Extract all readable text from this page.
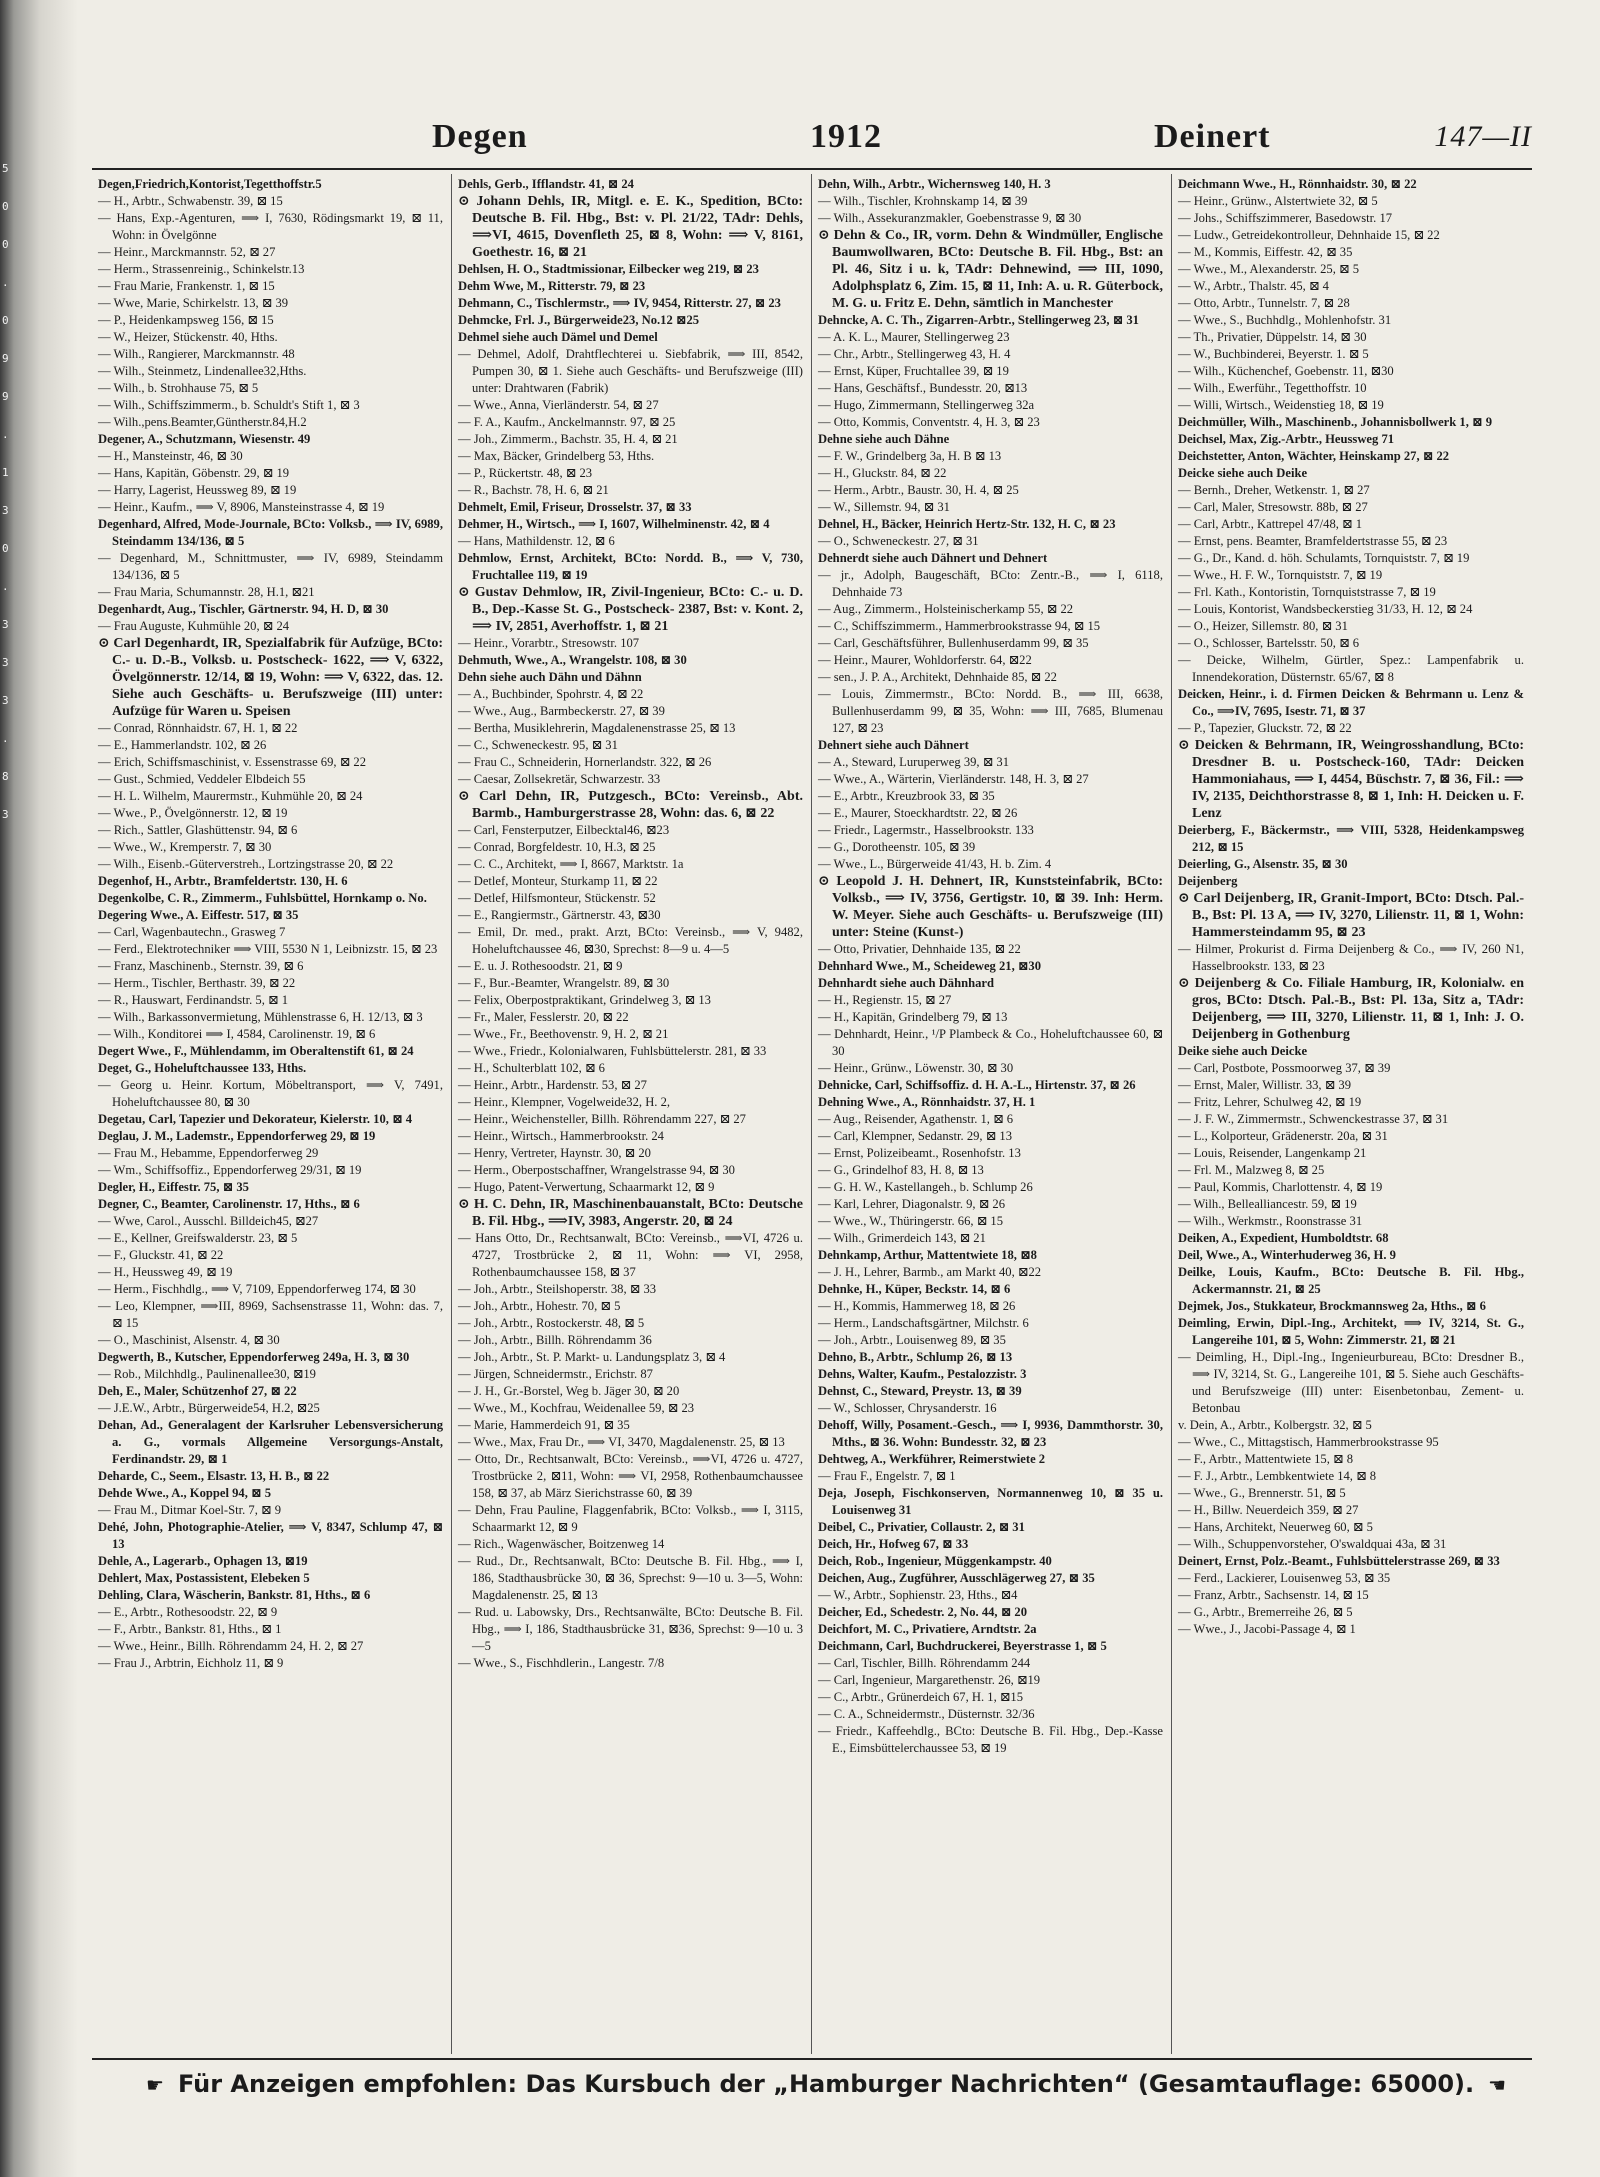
5
0
0
.
0
9
9
.
1
3
0
.
3
3
3
.
8
3
Degen	1912	Deinert	147—II

Degen,Friedrich,Kontorist,Tegetthoffstr.5

— H., Arbtr., Schwabenstr. 39, ⊠ 15

— Hans, Exp.-Agenturen, ⟹ I, 7630, Rödingsmarkt 19, ⊠ 11, Wohn: in Övelgönne

— Heinr., Marckmannstr. 52, ⊠ 27

— Herm., Strassenreinig., Schinkelstr.13

— Frau Marie, Frankenstr. 1, ⊠ 15

— Wwe, Marie, Schirkelstr. 13, ⊠ 39

— P., Heidenkampsweg 156, ⊠ 15

— W., Heizer, Stückenstr. 40, Hths.

— Wilh., Rangierer, Marckmannstr. 48

— Wilh., Steinmetz, Lindenallee32,Hths.

— Wilh., b. Strohhause 75, ⊠ 5

— Wilh., Schiffszimmerm., b. Schuldt's Stift 1, ⊠ 3

— Wilh.,pens.Beamter,Güntherstr.84,H.2

Degener, A., Schutzmann, Wiesenstr. 49

— H., Mansteinstr, 46, ⊠ 30

— Hans, Kapitän, Göbenstr. 29, ⊠ 19

— Harry, Lagerist, Heussweg 89, ⊠ 19

— Heinr., Kaufm., ⟹ V, 8906, Mansteinstrasse 4, ⊠ 19

Degenhard, Alfred, Mode-Journale, BCto: Volksb., ⟹ IV, 6989, Steindamm 134/136, ⊠ 5

— Degenhard, M., Schnittmuster, ⟹ IV, 6989, Steindamm 134/136, ⊠ 5

— Frau Maria, Schumannstr. 28, H.1, ⊠21

Degenhardt, Aug., Tischler, Gärtnerstr. 94, H. D, ⊠ 30

— Frau Auguste, Kuhmühle 20, ⊠ 24

⊙ Carl Degenhardt, IR, Spezialfabrik für Aufzüge, BCto: C.- u. D.-B., Volksb. u. Postscheck- 1622, ⟹ V, 6322, Övelgönnerstr. 12/14, ⊠ 19, Wohn: ⟹ V, 6322, das. 12. Siehe auch Geschäfts- u. Berufszweige (III) unter: Aufzüge für Waren u. Speisen

— Conrad, Rönnhaidstr. 67, H. 1, ⊠ 22

— E., Hammerlandstr. 102, ⊠ 26

— Erich, Schiffsmaschinist, v. Essenstrasse 69, ⊠ 22

— Gust., Schmied, Veddeler Elbdeich 55

— H. L. Wilhelm, Maurermstr., Kuhmühle 20, ⊠ 24

— Wwe., P., Övelgönnerstr. 12, ⊠ 19

— Rich., Sattler, Glashüttenstr. 94, ⊠ 6

— Wwe., W., Kremperstr. 7, ⊠ 30

— Wilh., Eisenb.-Güterverstreh., Lortzingstrasse 20, ⊠ 22

Degenhof, H., Arbtr., Bramfeldertstr. 130, H. 6

Degenkolbe, C. R., Zimmerm., Fuhlsbüttel, Hornkamp o. No.

Degering Wwe., A. Eiffestr. 517, ⊠ 35

— Carl, Wagenbautechn., Grasweg 7

— Ferd., Elektrotechniker ⟹ VIII, 5530 N 1, Leibnizstr. 15, ⊠ 23

— Franz, Maschinenb., Sternstr. 39, ⊠ 6

— Herm., Tischler, Berthastr. 39, ⊠ 22

— R., Hauswart, Ferdinandstr. 5, ⊠ 1

— Wilh., Barkassonvermietung, Mühlenstrasse 6, H. 12/13, ⊠ 3

— Wilh., Konditorei ⟹ I, 4584, Carolinenstr. 19, ⊠ 6

Degert Wwe., F., Mühlendamm, im Oberaltenstift 61, ⊠ 24

Deget, G., Hoheluftchaussee 133, Hths.

— Georg u. Heinr. Kortum, Möbeltransport, ⟹ V, 7491, Hoheluftchaussee 80, ⊠ 30

Degetau, Carl, Tapezier und Dekorateur, Kielerstr. 10, ⊠ 4

Deglau, J. M., Lademstr., Eppendorferweg 29, ⊠ 19

— Frau M., Hebamme, Eppendorferweg 29

— Wm., Schiffsoffiz., Eppendorferweg 29/31, ⊠ 19

Degler, H., Eiffestr. 75, ⊠ 35

Degner, C., Beamter, Carolinenstr. 17, Hths., ⊠ 6

— Wwe, Carol., Ausschl. Billdeich45, ⊠27

— E., Kellner, Greifswalderstr. 23, ⊠ 5

— F., Gluckstr. 41, ⊠ 22

— H., Heussweg 49, ⊠ 19

— Herm., Fischhdlg., ⟹ V, 7109, Eppendorferweg 174, ⊠ 30

— Leo, Klempner, ⟹III, 8969, Sachsenstrasse 11, Wohn: das. 7, ⊠ 15

— O., Maschinist, Alsenstr. 4, ⊠ 30

Degwerth, B., Kutscher, Eppendorferweg 249a, H. 3, ⊠ 30

— Rob., Milchhdlg., Paulinenallee30, ⊠19

Deh, E., Maler, Schützenhof 27, ⊠ 22

— J.E.W., Arbtr., Bürgerweide54, H.2, ⊠25

Dehan, Ad., Generalagent der Karlsruher Lebensversicherung a. G., vormals Allgemeine Versorgungs-Anstalt, Ferdinandstr. 29, ⊠ 1

Deharde, C., Seem., Elsastr. 13, H. B., ⊠ 22

Dehde Wwe., A., Koppel 94, ⊠ 5

— Frau M., Ditmar Koel-Str. 7, ⊠ 9

Dehé, John, Photographie-Atelier, ⟹ V, 8347, Schlump 47, ⊠ 13

Dehle, A., Lagerarb., Ophagen 13, ⊠19

Dehlert, Max, Postassistent, Elebeken 5

Dehling, Clara, Wäscherin, Bankstr. 81, Hths., ⊠ 6

— E., Arbtr., Rothesoodstr. 22, ⊠ 9

— F., Arbtr., Bankstr. 81, Hths., ⊠ 1

— Wwe., Heinr., Billh. Röhrendamm 24, H. 2, ⊠ 27

— Frau J., Arbtrin, Eichholz 11, ⊠ 9

Dehls, Gerb., Ifflandstr. 41, ⊠ 24

⊙ Johann Dehls, IR, Mitgl. e. E. K., Spedition, BCto: Deutsche B. Fil. Hbg., Bst: v. Pl. 21/22, TAdr: Dehls, ⟹VI, 4615, Dovenfleth 25, ⊠ 8, Wohn: ⟹ V, 8161, Goethestr. 16, ⊠ 21

Dehlsen, H. O., Stadtmissionar, Eilbecker weg 219, ⊠ 23

Dehm Wwe, M., Ritterstr. 79, ⊠ 23

Dehmann, C., Tischlermstr., ⟹ IV, 9454, Ritterstr. 27, ⊠ 23

Dehmcke, Frl. J., Bürgerweide23, No.12 ⊠25

Dehmel siehe auch Dämel und Demel

— Dehmel, Adolf, Drahtflechterei u. Siebfabrik, ⟹ III, 8542, Pumpen 30, ⊠ 1. Siehe auch Geschäfts- und Berufszweige (III) unter: Drahtwaren (Fabrik)

— Wwe., Anna, Vierländerstr. 54, ⊠ 27

— F. A., Kaufm., Anckelmannstr. 97, ⊠ 25

— Joh., Zimmerm., Bachstr. 35, H. 4, ⊠ 21

— Max, Bäcker, Grindelberg 53, Hths.

— P., Rückertstr. 48, ⊠ 23

— R., Bachstr. 78, H. 6, ⊠ 21

Dehmelt, Emil, Friseur, Drosselstr. 37, ⊠ 33

Dehmer, H., Wirtsch., ⟹ I, 1607, Wilhelminenstr. 42, ⊠ 4

— Hans, Mathildenstr. 12, ⊠ 6

Dehmlow, Ernst, Architekt, BCto: Nordd. B., ⟹ V, 730, Fruchtallee 119, ⊠ 19

⊙ Gustav Dehmlow, IR, Zivil-Ingenieur, BCto: C.- u. D. B., Dep.-Kasse St. G., Postscheck- 2387, Bst: v. Kont. 2, ⟹ IV, 2851, Averhoffstr. 1, ⊠ 21

— Heinr., Vorarbtr., Stresowstr. 107

Dehmuth, Wwe., A., Wrangelstr. 108, ⊠ 30

Dehn siehe auch Dähn und Dähnn

— A., Buchbinder, Spohrstr. 4, ⊠ 22

— Wwe., Aug., Barmbeckerstr. 27, ⊠ 39

— Bertha, Musiklehrerin, Magdalenenstrasse 25, ⊠ 13

— C., Schweneckestr. 95, ⊠ 31

— Frau C., Schneiderin, Hornerlandstr. 322, ⊠ 26

— Caesar, Zollsekretär, Schwarzestr. 33

⊙ Carl Dehn, IR, Putzgesch., BCto: Vereinsb., Abt. Barmb., Hamburgerstrasse 28, Wohn: das. 6, ⊠ 22

— Carl, Fensterputzer, Eilbecktal46, ⊠23

— Conrad, Borgfeldestr. 10, H.3, ⊠ 25

— C. C., Architekt, ⟹ I, 8667, Marktstr. 1a

— Detlef, Monteur, Sturkamp 11, ⊠ 22

— Detlef, Hilfsmonteur, Stückenstr. 52

— E., Rangiermstr., Gärtnerstr. 43, ⊠30

— Emil, Dr. med., prakt. Arzt, BCto: Vereinsb., ⟹ V, 9482, Hoheluftchaussee 46, ⊠30, Sprechst: 8—9 u. 4—5

— E. u. J. Rothesoodstr. 21, ⊠ 9

— F., Bur.-Beamter, Wrangelstr. 89, ⊠ 30

— Felix, Oberpostpraktikant, Grindelweg 3, ⊠ 13

— Fr., Maler, Fesslerstr. 20, ⊠ 22

— Wwe., Fr., Beethovenstr. 9, H. 2, ⊠ 21

— Wwe., Friedr., Kolonialwaren, Fuhlsbüttelerstr. 281, ⊠ 33

— H., Schulterblatt 102, ⊠ 6

— Heinr., Arbtr., Hardenstr. 53, ⊠ 27

— Heinr., Klempner, Vogelweide32, H. 2,

— Heinr., Weichensteller, Billh. Röhrendamm 227, ⊠ 27

— Heinr., Wirtsch., Hammerbrookstr. 24

— Henry, Vertreter, Haynstr. 30, ⊠ 20

— Herm., Oberpostschaffner, Wrangelstrasse 94, ⊠ 30

— Hugo, Patent-Verwertung, Schaarmarkt 12, ⊠ 9

⊙ H. C. Dehn, IR, Maschinenbauanstalt, BCto: Deutsche B. Fil. Hbg., ⟹IV, 3983, Angerstr. 20, ⊠ 24

— Hans Otto, Dr., Rechtsanwalt, BCto: Vereinsb., ⟹VI, 4726 u. 4727, Trostbrücke 2, ⊠ 11, Wohn: ⟹ VI, 2958, Rothenbaumchaussee 158, ⊠ 37

— Joh., Arbtr., Steilshoperstr. 38, ⊠ 33

— Joh., Arbtr., Hohestr. 70, ⊠ 5

— Joh., Arbtr., Rostockerstr. 48, ⊠ 5

— Joh., Arbtr., Billh. Röhrendamm 36

— Joh., Arbtr., St. P. Markt- u. Landungsplatz 3, ⊠ 4

— Jürgen, Schneidermstr., Erichstr. 87

— J. H., Gr.-Borstel, Weg b. Jäger 30, ⊠ 20

— Wwe., M., Kochfrau, Weidenallee 59, ⊠ 23

— Marie, Hammerdeich 91, ⊠ 35

— Wwe., Max, Frau Dr., ⟹ VI, 3470, Magdalenenstr. 25, ⊠ 13

— Otto, Dr., Rechtsanwalt, BCto: Vereinsb., ⟹VI, 4726 u. 4727, Trostbrücke 2, ⊠11, Wohn: ⟹ VI, 2958, Rothenbaumchaussee 158, ⊠ 37, ab März Sierichstrasse 60, ⊠ 39

— Dehn, Frau Pauline, Flaggenfabrik, BCto: Volksb., ⟹ I, 3115, Schaarmarkt 12, ⊠ 9

— Rich., Wagenwäscher, Boitzenweg 14

— Rud., Dr., Rechtsanwalt, BCto: Deutsche B. Fil. Hbg., ⟹ I, 186, Stadthausbrücke 30, ⊠ 36, Sprechst: 9—10 u. 3—5, Wohn: Magdalenenstr. 25, ⊠ 13

— Rud. u. Labowsky, Drs., Rechtsanwälte, BCto: Deutsche B. Fil. Hbg., ⟹ I, 186, Stadthausbrücke 31, ⊠36, Sprechst: 9—10 u. 3—5

— Wwe., S., Fischhdlerin., Langestr. 7/8

Dehn, Wilh., Arbtr., Wichernsweg 140, H. 3

— Wilh., Tischler, Krohnskamp 14, ⊠ 39

— Wilh., Assekuranzmakler, Goebenstrasse 9, ⊠ 30

⊙ Dehn & Co., IR, vorm. Dehn & Windmüller, Englische Baumwollwaren, BCto: Deutsche B. Fil. Hbg., Bst: an Pl. 46, Sitz i u. k, TAdr: Dehnewind, ⟹ III, 1090, Adolphsplatz 6, Zim. 15, ⊠ 11, Inh: A. u. R. Güterbock, M. G. u. Fritz E. Dehn, sämtlich in Manchester

Dehncke, A. C. Th., Zigarren-Arbtr., Stellingerweg 23, ⊠ 31

— A. K. L., Maurer, Stellingerweg 23

— Chr., Arbtr., Stellingerweg 43, H. 4

— Ernst, Küper, Fruchtallee 39, ⊠ 19

— Hans, Geschäftsf., Bundesstr. 20, ⊠13

— Hugo, Zimmermann, Stellingerweg 32a

— Otto, Kommis, Conventstr. 4, H. 3, ⊠ 23

Dehne siehe auch Dähne

— F. W., Grindelberg 3a, H. B ⊠ 13

— H., Gluckstr. 84, ⊠ 22

— Herm., Arbtr., Baustr. 30, H. 4, ⊠ 25

— W., Sillemstr. 94, ⊠ 31

Dehnel, H., Bäcker, Heinrich Hertz-Str. 132, H. C, ⊠ 23

— O., Schweneckestr. 27, ⊠ 31

Dehnerdt siehe auch Dähnert und Dehnert

— jr., Adolph, Baugeschäft, BCto: Zentr.-B., ⟹ I, 6118, Dehnhaide 73

— Aug., Zimmerm., Holsteinischerkamp 55, ⊠ 22

— C., Schiffszimmerm., Hammerbrookstrasse 94, ⊠ 15

— Carl, Geschäftsführer, Bullenhuserdamm 99, ⊠ 35

— Heinr., Maurer, Wohldorferstr. 64, ⊠22

— sen., J. P. A., Architekt, Dehnhaide 85, ⊠ 22

— Louis, Zimmermstr., BCto: Nordd. B., ⟹ III, 6638, Bullenhuserdamm 99, ⊠ 35, Wohn: ⟹ III, 7685, Blumenau 127, ⊠ 23

Dehnert siehe auch Dähnert

— A., Steward, Luruperweg 39, ⊠ 31

— Wwe., A., Wärterin, Vierländerstr. 148, H. 3, ⊠ 27

— E., Arbtr., Kreuzbrook 33, ⊠ 35

— E., Maurer, Stoeckhardtstr. 22, ⊠ 26

— Friedr., Lagermstr., Hasselbrookstr. 133

— G., Dorotheenstr. 105, ⊠ 39

— Wwe., L., Bürgerweide 41/43, H. b. Zim. 4

⊙ Leopold J. H. Dehnert, IR, Kunststeinfabrik, BCto: Volksb., ⟹ IV, 3756, Gertigstr. 10, ⊠ 39. Inh: Herm. W. Meyer. Siehe auch Geschäfts- u. Berufszweige (III) unter: Steine (Kunst-)

— Otto, Privatier, Dehnhaide 135, ⊠ 22

Dehnhard Wwe., M., Scheideweg 21, ⊠30

Dehnhardt siehe auch Dähnhard

— H., Regienstr. 15, ⊠ 27

— H., Kapitän, Grindelberg 79, ⊠ 13

— Dehnhardt, Heinr., ¹/P Plambeck & Co., Hoheluftchaussee 60, ⊠ 30

— Heinr., Grünw., Löwenstr. 30, ⊠ 30

Dehnicke, Carl, Schiffsoffiz. d. H. A.-L., Hirtenstr. 37, ⊠ 26

Dehning Wwe., A., Rönnhaidstr. 37, H. 1

— Aug., Reisender, Agathenstr. 1, ⊠ 6

— Carl, Klempner, Sedanstr. 29, ⊠ 13

— Ernst, Polizeibeamt., Rosenhofstr. 13

— G., Grindelhof 83, H. 8, ⊠ 13

— G. H. W., Kastellangeh., b. Schlump 26

— Karl, Lehrer, Diagonalstr. 9, ⊠ 26

— Wwe., W., Thüringerstr. 66, ⊠ 15

— Wilh., Grimerdeich 143, ⊠ 21

Dehnkamp, Arthur, Mattentwiete 18, ⊠8

— J. H., Lehrer, Barmb., am Markt 40, ⊠22

Dehnke, H., Küper, Beckstr. 14, ⊠ 6

— H., Kommis, Hammerweg 18, ⊠ 26

— Herm., Landschaftsgärtner, Milchstr. 6

— Joh., Arbtr., Louisenweg 89, ⊠ 35

Dehno, B., Arbtr., Schlump 26, ⊠ 13

Dehns, Walter, Kaufm., Pestalozzistr. 3

Dehnst, C., Steward, Preystr. 13, ⊠ 39

— W., Schlosser, Chrysanderstr. 16

Dehoff, Willy, Posament.-Gesch., ⟹ I, 9936, Dammthorstr. 30, Mths., ⊠ 36. Wohn: Bundesstr. 32, ⊠ 23

Dehtweg, A., Werkführer, Reimerstwiete 2

— Frau F., Engelstr. 7, ⊠ 1

Deja, Joseph, Fischkonserven, Normannenweg 10, ⊠ 35 u. Louisenweg 31

Deibel, C., Privatier, Collaustr. 2, ⊠ 31

Deich, Hr., Hofweg 67, ⊠ 33

Deich, Rob., Ingenieur, Müggenkampstr. 40

Deichen, Aug., Zugführer, Ausschlägerweg 27, ⊠ 35

— W., Arbtr., Sophienstr. 23, Hths., ⊠4

Deicher, Ed., Schedestr. 2, No. 44, ⊠ 20

Deichfort, M. C., Privatiere, Arndtstr. 2a

Deichmann, Carl, Buchdruckerei, Beyerstrasse 1, ⊠ 5

— Carl, Tischler, Billh. Röhrendamm 244

— Carl, Ingenieur, Margarethenstr. 26, ⊠19

— C., Arbtr., Grünerdeich 67, H. 1, ⊠15

— C. A., Schneidermstr., Düsternstr. 32/36

— Friedr., Kaffeehdlg., BCto: Deutsche B. Fil. Hbg., Dep.-Kasse E., Eimsbüttelerchaussee 53, ⊠ 19

Deichmann Wwe., H., Rönnhaidstr. 30, ⊠ 22

— Heinr., Grünw., Alstertwiete 32, ⊠ 5

— Johs., Schiffszimmerer, Basedowstr. 17

— Ludw., Getreidekontrolleur, Dehnhaide 15, ⊠ 22

— M., Kommis, Eiffestr. 42, ⊠ 35

— Wwe., M., Alexanderstr. 25, ⊠ 5

— W., Arbtr., Thalstr. 45, ⊠ 4

— Otto, Arbtr., Tunnelstr. 7, ⊠ 28

— Wwe., S., Buchhdlg., Mohlenhofstr. 31

— Th., Privatier, Düppelstr. 14, ⊠ 30

— W., Buchbinderei, Beyerstr. 1. ⊠ 5

— Wilh., Küchenchef, Goebenstr. 11, ⊠30

— Wilh., Ewerführ., Tegetthoffstr. 10

— Willi, Wirtsch., Weidenstieg 18, ⊠ 19

Deichmüller, Wilh., Maschinenb., Johannisbollwerk 1, ⊠ 9

Deichsel, Max, Zig.-Arbtr., Heussweg 71

Deichstetter, Anton, Wächter, Heinskamp 27, ⊠ 22

Deicke siehe auch Deike

— Bernh., Dreher, Wetkenstr. 1, ⊠ 27

— Carl, Maler, Stresowstr. 88b, ⊠ 27

— Carl, Arbtr., Kattrepel 47/48, ⊠ 1

— Ernst, pens. Beamter, Bramfeldertstrasse 55, ⊠ 23

— G., Dr., Kand. d. höh. Schulamts, Tornquiststr. 7, ⊠ 19

— Wwe., H. F. W., Tornquiststr. 7, ⊠ 19

— Frl. Kath., Kontoristin, Tornquiststrasse 7, ⊠ 19

— Louis, Kontorist, Wandsbeckerstieg 31/33, H. 12, ⊠ 24

— O., Heizer, Sillemstr. 80, ⊠ 31

— O., Schlosser, Bartelsstr. 50, ⊠ 6

— Deicke, Wilhelm, Gürtler, Spez.: Lampenfabrik u. Innendekoration, Düsternstr. 65/67, ⊠ 8

Deicken, Heinr., i. d. Firmen Deicken & Behrmann u. Lenz & Co., ⟹IV, 7695, Isestr. 71, ⊠ 37

— P., Tapezier, Gluckstr. 72, ⊠ 22

⊙ Deicken & Behrmann, IR, Weingrosshandlung, BCto: Dresdner B. u. Postscheck-160, TAdr: Deicken Hammoniahaus, ⟹ I, 4454, Büschstr. 7, ⊠ 36, Fil.: ⟹ IV, 2135, Deichthorstrasse 8, ⊠ 1, Inh: H. Deicken u. F. Lenz

Deierberg, F., Bäckermstr., ⟹ VIII, 5328, Heidenkampsweg 212, ⊠ 15

Deierling, G., Alsenstr. 35, ⊠ 30

Deijenberg

⊙ Carl Deijenberg, IR, Granit-Import, BCto: Dtsch. Pal.-B., Bst: Pl. 13 A, ⟹ IV, 3270, Lilienstr. 11, ⊠ 1, Wohn: Hammersteindamm 95, ⊠ 23

— Hilmer, Prokurist d. Firma Deijenberg & Co., ⟹ IV, 260 N1, Hasselbrookstr. 133, ⊠ 23

⊙ Deijenberg & Co. Filiale Hamburg, IR, Kolonialw. en gros, BCto: Dtsch. Pal.-B., Bst: Pl. 13a, Sitz a, TAdr: Deijenberg, ⟹ III, 3270, Lilienstr. 11, ⊠ 1, Inh: J. O. Deijenberg in Gothenburg

Deike siehe auch Deicke

— Carl, Postbote, Possmoorweg 37, ⊠ 39

— Ernst, Maler, Willistr. 33, ⊠ 39

— Fritz, Lehrer, Schulweg 42, ⊠ 19

— J. F. W., Zimmermstr., Schwenckestrasse 37, ⊠ 31

— L., Kolporteur, Grädenerstr. 20a, ⊠ 31

— Louis, Reisender, Langenkamp 21

— Frl. M., Malzweg 8, ⊠ 25

— Paul, Kommis, Charlottenstr. 4, ⊠ 19

— Wilh., Bellealliancestr. 59, ⊠ 19

— Wilh., Werkmstr., Roonstrasse 31

Deiken, A., Expedient, Humboldtstr. 68

Deil, Wwe., A., Winterhuderweg 36, H. 9

Deilke, Louis, Kaufm., BCto: Deutsche B. Fil. Hbg., Ackermannstr. 21, ⊠ 25

Dejmek, Jos., Stukkateur, Brockmannsweg 2a, Hths., ⊠ 6

Deimling, Erwin, Dipl.-Ing., Architekt, ⟹ IV, 3214, St. G., Langereihe 101, ⊠ 5, Wohn: Zimmerstr. 21, ⊠ 21

— Deimling, H., Dipl.-Ing., Ingenieurbureau, BCto: Dresdner B., ⟹ IV, 3214, St. G., Langereihe 101, ⊠ 5. Siehe auch Geschäfts- und Berufszweige (III) unter: Eisenbetonbau, Zement- u. Betonbau

v. Dein, A., Arbtr., Kolbergstr. 32, ⊠ 5

— Wwe., C., Mittagstisch, Hammerbrookstrasse 95

— F., Arbtr., Mattentwiete 15, ⊠ 8

— F. J., Arbtr., Lembkentwiete 14, ⊠ 8

— Wwe., G., Brennerstr. 51, ⊠ 5

— H., Billw. Neuerdeich 359, ⊠ 27

— Hans, Architekt, Neuerweg 60, ⊠ 5

— Wilh., Schuppenvorsteher, O'swaldquai 43a, ⊠ 31

Deinert, Ernst, Polz.-Beamt., Fuhlsbüttelerstrasse 269, ⊠ 33

— Ferd., Lackierer, Louisenweg 53, ⊠ 35

— Franz, Arbtr., Sachsenstr. 14, ⊠ 15

— G., Arbtr., Bremerreihe 26, ⊠ 5

— Wwe., J., Jacobi-Passage 4, ⊠ 1

☛ Für Anzeigen empfohlen: Das Kursbuch der „Hamburger Nachrichten“ (Gesamtauflage: 65000). ☚
